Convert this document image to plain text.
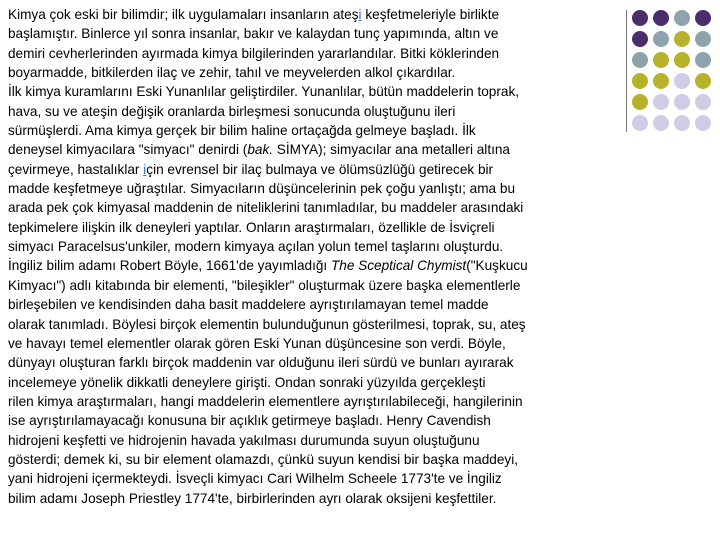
Kimya çok eski bir bilimdir; ilk uygulamaları insanların ateşi keşfetmeleriyle birlikte
başlamıştır. Binlerce yıl sonra insanlar, bakır ve kalaydan tunç yapımında, altın ve
demiri cevherlerinden ayırmada kimya bilgilerinden yararlandılar. Bitki köklerinden
boyarmadde, bitkilerden ilaç ve zehir, tahıl ve meyvelerden alkol çıkardılar.

İlk kimya kuramlarını Eski Yunanlılar geliştirdiler. Yunanlılar, bütün maddelerin toprak,
hava, su ve ateşin değişik oranlarda birleşmesi sonucunda oluştuğunu ileri
sürmüşlerdi. Ama kimya gerçek bir bilim haline ortaçağda gelmeye başladı. İlk
deneysel kimyacılara "simyacı" denirdi (bak. SİMYA); simyacılar ana metalleri altına
çevirmeye, hastalıklar için evrensel bir ilaç bulmaya ve ölümsüzlüğü getirecek bir
madde keşfetmeye uğraştılar. Simyacıların düşüncelerinin pek çoğu yanlıştı; ama bu
arada pek çok kimyasal maddenin de niteliklerini tanımladılar, bu maddeler arasındaki
tepkimelere ilişkin ilk deneyleri yaptılar. Onların araştırmaları, özellikle de İsviçreli
simyacı Paracelsus'unkiler, modern kimyaya açılan yolun temel taşlarını oluşturdu.

İngiliz bilim adamı Robert Böyle, 1661'de yayımladığı The Sceptical Chymist("Kuşkucu
Kimyacı") adlı kitabında bir elementi, "bileşikler" oluşturmak üzere başka elementlerle
birleşebilen ve kendisinden daha basit maddelere ayrıştırılamayan temel madde
olarak tanımladı. Böylesi birçok elementin bulunduğunun gösterilmesi, toprak, su, ateş
ve havayı temel elementler olarak gören Eski Yunan düşüncesine son verdi. Böyle,
dünyayı oluşturan farklı birçok maddenin var olduğunu ileri sürdü ve bunları ayırarak
incelemeye yönelik dikkatli deneylere girişti. Ondan sonraki yüzyılda gerçekleşti
rilen kimya araştırmaları, hangi maddelerin elementlere ayrıştırılabileceği, hangilerinin
ise ayrıştırılamayacağı konusuna bir açıklık getirmeye başladı. Henry Cavendish
hidrojeni keşfetti ve hidrojenin havada yakılması durumunda suyun oluştuğunu
gösterdi; demek ki, su bir element olamazdı, çünkü suyun kendisi bir başka maddeyi,
yani hidrojeni içermekteydi. İsveçli kimyacı Cari Wilhelm Scheele 1773'te ve İngiliz
bilim adamı Joseph Priestley 1774'te, birbirlerinden ayrı olarak oksijeni keşfettiler.
